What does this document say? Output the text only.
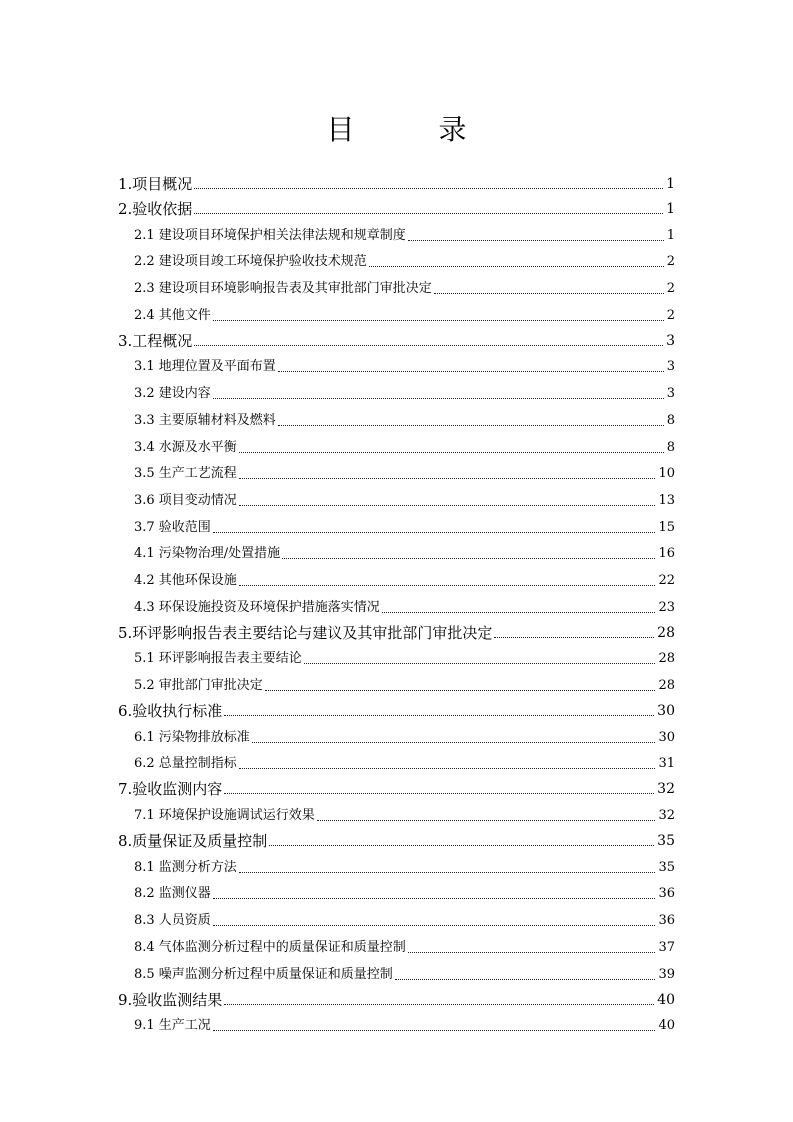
目　录
1.项目概况	1
2.验收依据	1
2.1 建设项目环境保护相关法律法规和规章制度	1
2.2 建设项目竣工环境保护验收技术规范	2
2.3 建设项目环境影响报告表及其审批部门审批决定	2
2.4 其他文件	2
3.工程概况	3
3.1 地理位置及平面布置	3
3.2 建设内容	3
3.3 主要原辅材料及燃料	8
3.4 水源及水平衡	8
3.5 生产工艺流程	10
3.6 项目变动情况	13
3.7 验收范围	15
4.1 污染物治理/处置措施	16
4.2 其他环保设施	22
4.3 环保设施投资及环境保护措施落实情况	23
5.环评影响报告表主要结论与建议及其审批部门审批决定	28
5.1 环评影响报告表主要结论	28
5.2 审批部门审批决定	28
6.验收执行标准	30
6.1 污染物排放标准	30
6.2 总量控制指标	31
7.验收监测内容	32
7.1 环境保护设施调试运行效果	32
8.质量保证及质量控制	35
8.1 监测分析方法	35
8.2 监测仪器	36
8.3 人员资质	36
8.4 气体监测分析过程中的质量保证和质量控制	37
8.5 噪声监测分析过程中质量保证和质量控制	39
9.验收监测结果	40
9.1 生产工况	40
